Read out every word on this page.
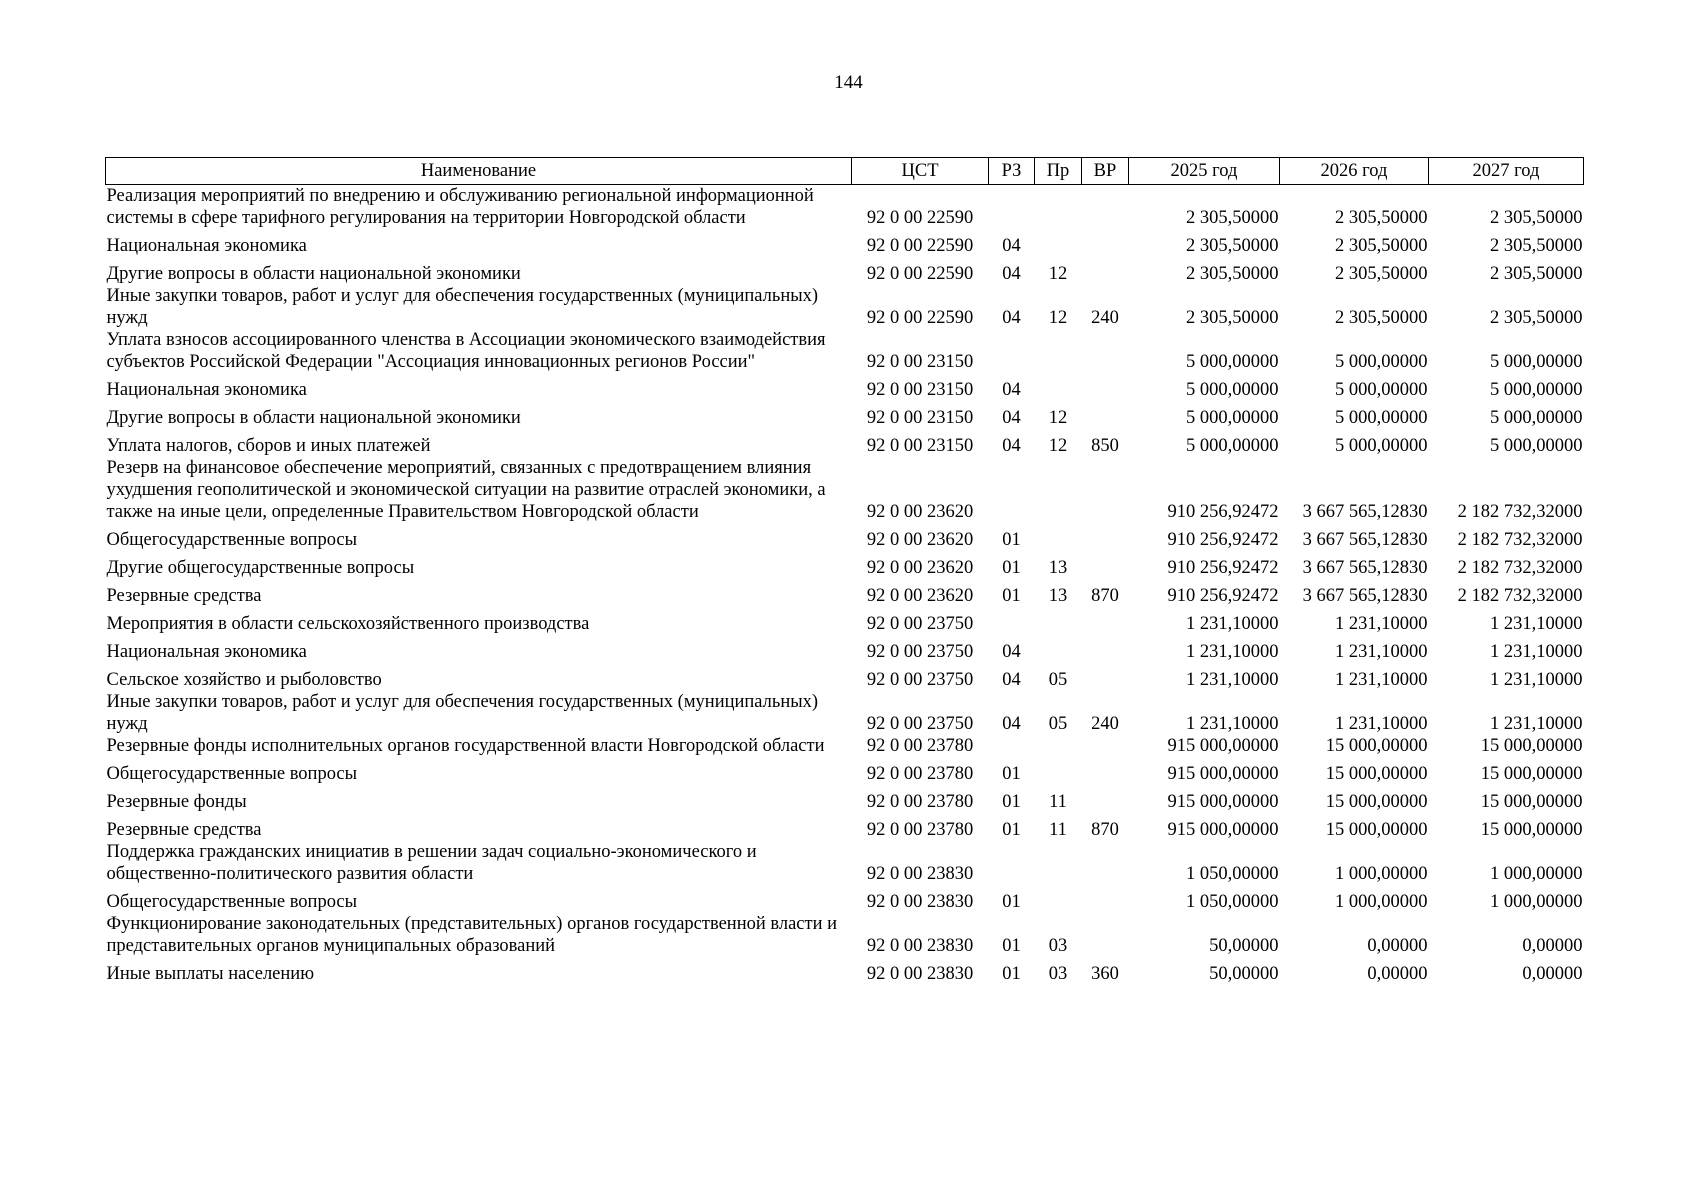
144
Наименование	ЦСТ	РЗ	Пр	ВР	2025 год	2026 год	2027 год
Реализация мероприятий по внедрению и обслуживанию региональной информационной системы в сфере тарифного регулирования на территории Новгородской области	92 0 00 22590				2 305,50000	2 305,50000	2 305,50000
Национальная экономика	92 0 00 22590	04			2 305,50000	2 305,50000	2 305,50000
Другие вопросы в области национальной экономики	92 0 00 22590	04	12		2 305,50000	2 305,50000	2 305,50000
Иные закупки товаров, работ и услуг для обеспечения государственных (муниципальных) нужд	92 0 00 22590	04	12	240	2 305,50000	2 305,50000	2 305,50000
Уплата взносов ассоциированного членства в Ассоциации экономического взаимодействия субъектов Российской Федерации "Ассоциация инновационных регионов России"	92 0 00 23150				5 000,00000	5 000,00000	5 000,00000
Национальная экономика	92 0 00 23150	04			5 000,00000	5 000,00000	5 000,00000
Другие вопросы в области национальной экономики	92 0 00 23150	04	12		5 000,00000	5 000,00000	5 000,00000
Уплата налогов, сборов и иных платежей	92 0 00 23150	04	12	850	5 000,00000	5 000,00000	5 000,00000
Резерв на финансовое обеспечение мероприятий, связанных с предотвращением влияния ухудшения геополитической и экономической ситуации на развитие отраслей экономики, а также на иные цели, определенные Правительством Новгородской области	92 0 00 23620				910 256,92472	3 667 565,12830	2 182 732,32000
Общегосударственные вопросы	92 0 00 23620	01			910 256,92472	3 667 565,12830	2 182 732,32000
Другие общегосударственные вопросы	92 0 00 23620	01	13		910 256,92472	3 667 565,12830	2 182 732,32000
Резервные средства	92 0 00 23620	01	13	870	910 256,92472	3 667 565,12830	2 182 732,32000
Мероприятия в области сельскохозяйственного производства	92 0 00 23750				1 231,10000	1 231,10000	1 231,10000
Национальная экономика	92 0 00 23750	04			1 231,10000	1 231,10000	1 231,10000
Сельское хозяйство и рыболовство	92 0 00 23750	04	05		1 231,10000	1 231,10000	1 231,10000
Иные закупки товаров, работ и услуг для обеспечения государственных (муниципальных) нужд	92 0 00 23750	04	05	240	1 231,10000	1 231,10000	1 231,10000
Резервные фонды исполнительных органов государственной власти Новгородской области	92 0 00 23780				915 000,00000	15 000,00000	15 000,00000
Общегосударственные вопросы	92 0 00 23780	01			915 000,00000	15 000,00000	15 000,00000
Резервные фонды	92 0 00 23780	01	11		915 000,00000	15 000,00000	15 000,00000
Резервные средства	92 0 00 23780	01	11	870	915 000,00000	15 000,00000	15 000,00000
Поддержка гражданских инициатив в решении задач социально-экономического и общественно-политического развития области	92 0 00 23830				1 050,00000	1 000,00000	1 000,00000
Общегосударственные вопросы	92 0 00 23830	01			1 050,00000	1 000,00000	1 000,00000
Функционирование законодательных (представительных) органов государственной власти и представительных органов муниципальных образований	92 0 00 23830	01	03		50,00000	0,00000	0,00000
Иные выплаты населению	92 0 00 23830	01	03	360	50,00000	0,00000	0,00000
